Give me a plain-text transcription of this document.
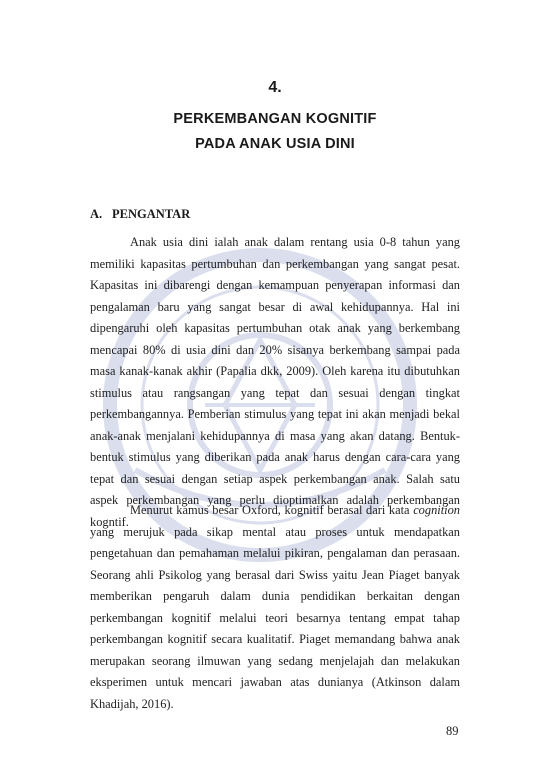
4.
PERKEMBANGAN KOGNITIF
PADA ANAK USIA DINI
A. PENGANTAR

Anak usia dini ialah anak dalam rentang usia 0-8 tahun yang memiliki kapasitas pertumbuhan dan perkembangan yang sangat pesat. Kapasitas ini dibarengi dengan kemampuan penyerapan informasi dan pengalaman baru yang sangat besar di awal kehidupannya. Hal ini dipengaruhi oleh kapasitas pertumbuhan otak anak yang berkembang mencapai 80% di usia dini dan 20% sisanya berkembang sampai pada masa kanak-kanak akhir (Papalia dkk, 2009). Oleh karena itu dibutuhkan stimulus atau rangsangan yang tepat dan sesuai dengan tingkat perkembangannya. Pemberian stimulus yang tepat ini akan menjadi bekal anak-anak menjalani kehidupannya di masa yang akan datang. Bentuk-bentuk stimulus yang diberikan pada anak harus dengan cara-cara yang tepat dan sesuai dengan setiap aspek perkembangan anak. Salah satu aspek perkembangan yang perlu dioptimalkan adalah perkembangan kogntif.

Menurut kamus besar Oxford, kognitif berasal dari kata cognition yang merujuk pada sikap mental atau proses untuk mendapatkan pengetahuan dan pemahaman melalui pikiran, pengalaman dan perasaan. Seorang ahli Psikolog yang berasal dari Swiss yaitu Jean Piaget banyak memberikan pengaruh dalam dunia pendidikan berkaitan dengan perkembangan kognitif melalui teori besarnya tentang empat tahap perkembangan kognitif secara kualitatif. Piaget memandang bahwa anak merupakan seorang ilmuwan yang sedang menjelajah dan melakukan eksperimen untuk mencari jawaban atas dunianya (Atkinson dalam Khadijah, 2016).

89
